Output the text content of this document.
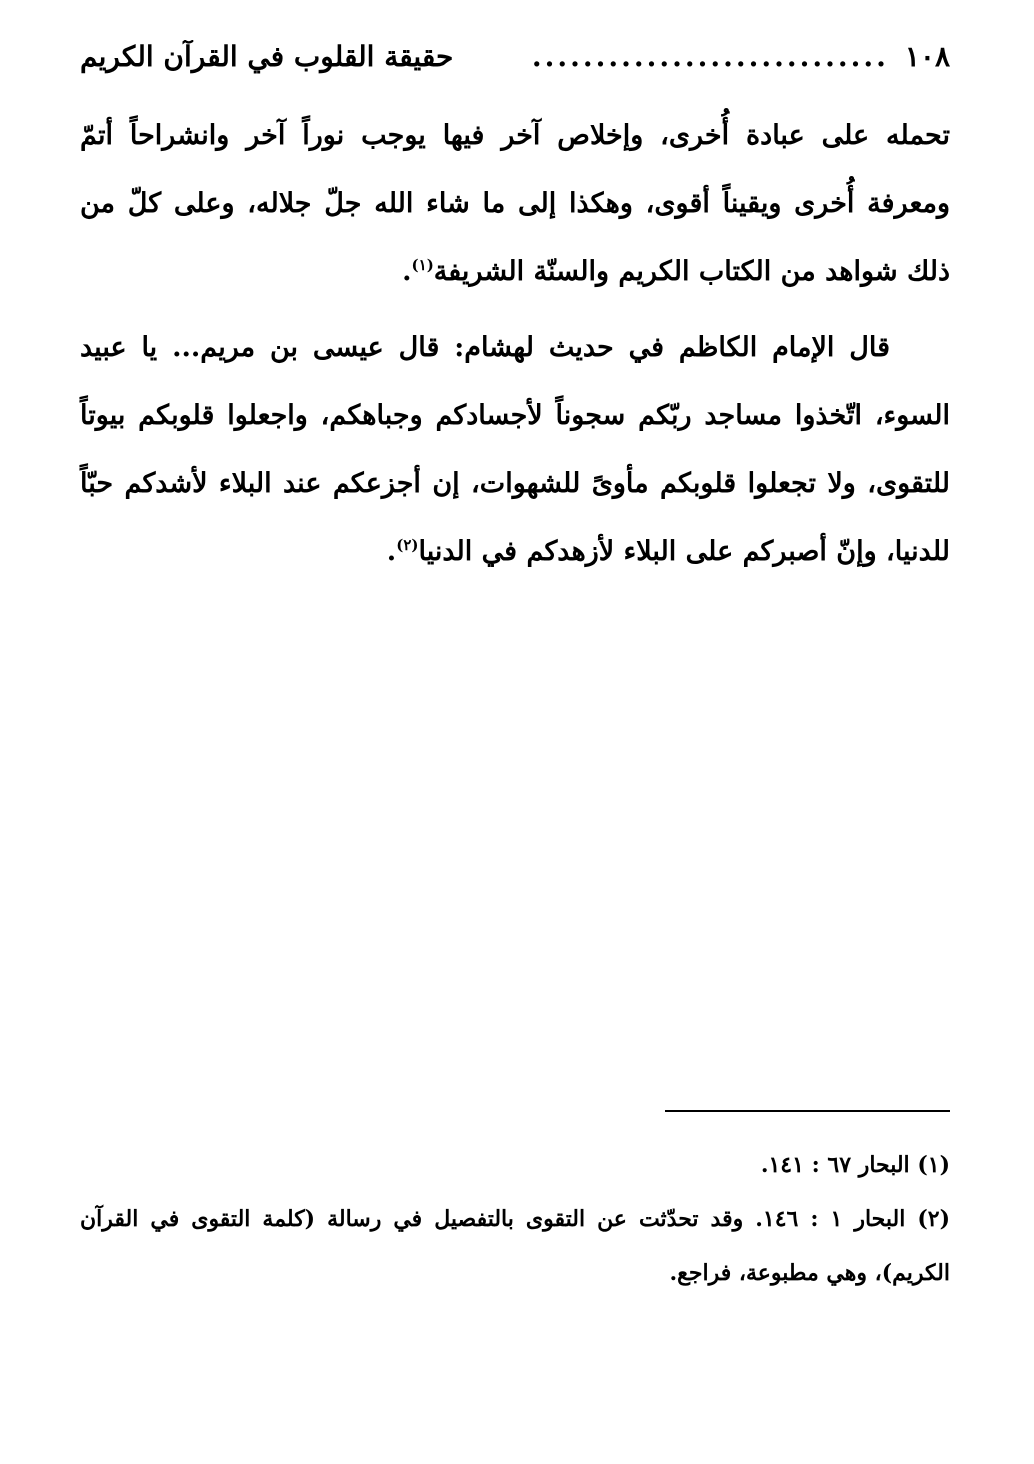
١٠٨
............................
حقيقة القلوب في القرآن الكريم

تحمله على عبادة أُخرى، وإخلاص آخر فيها يوجب نوراً آخر وانشراحاً أتمّ ومعرفة أُخرى ويقيناً أقوى، وهكذا إلى ما شاء الله جلّ جلاله، وعلى كلّ من ذلك شواهد من الكتاب الكريم والسنّة الشريفة$^{(١)}$.

قال الإمام الكاظم في حديث لهشام: قال عيسى بن مريم... يا عبيد السوء، اتّخذوا مساجد ربّكم سجوناً لأجسادكم وجباهكم، واجعلوا قلوبكم بيوتاً للتقوى، ولا تجعلوا قلوبكم مأوىً للشهوات، إن أجزعكم عند البلاء لأشدكم حبّاً للدنيا، وإنّ أصبركم على البلاء لأزهدكم في الدنيا$^{(٢)}$.

(١) البحار ٦٧ : ١٤١.

(٢) البحار ١ : ١٤٦. وقد تحدّثت عن التقوى بالتفصيل في رسالة (كلمة التقوى في القرآن الكريم)، وهي مطبوعة، فراجع.
